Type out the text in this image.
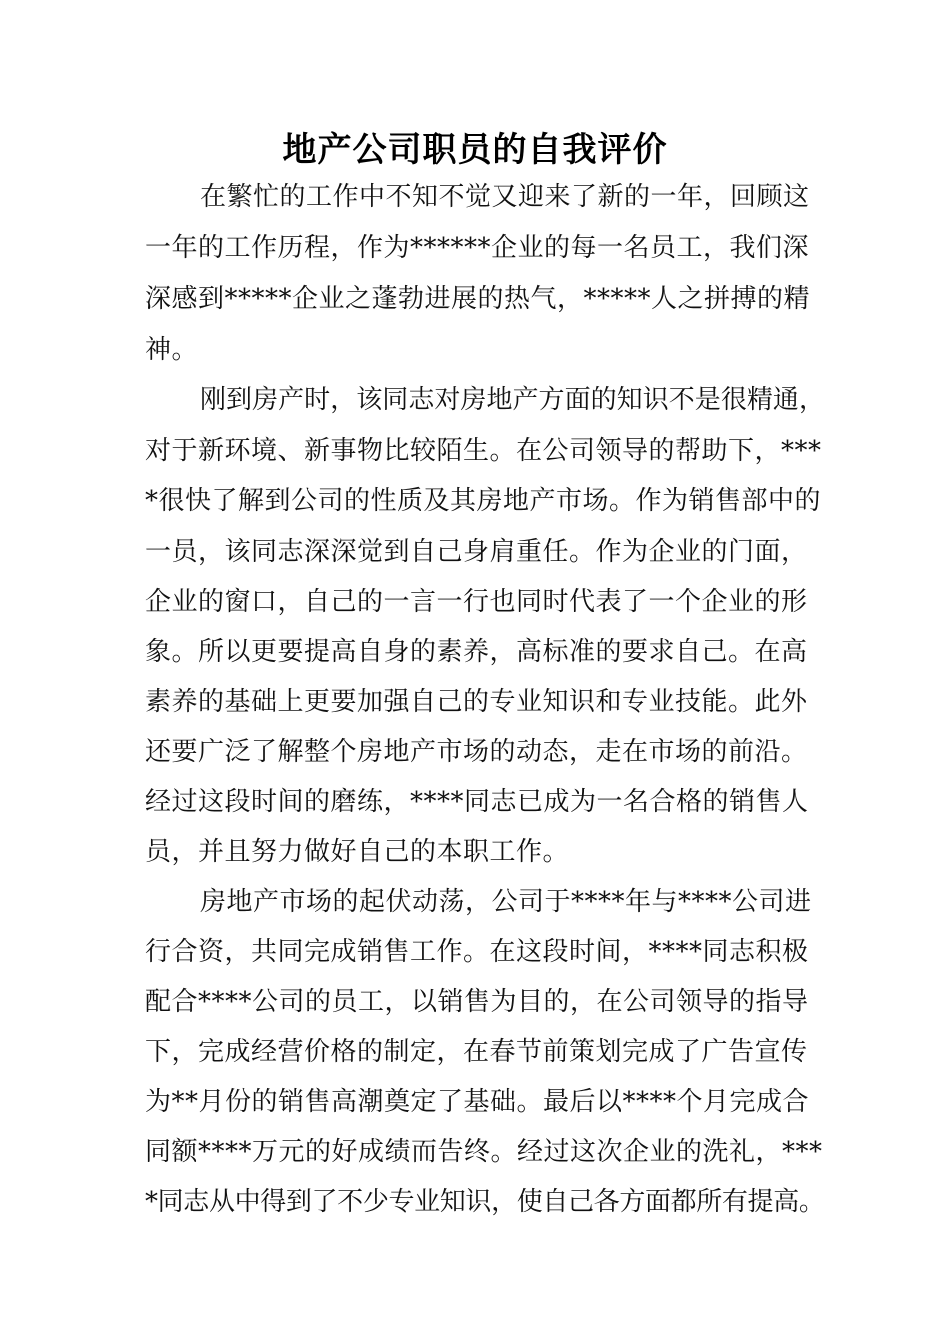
地产公司职员的自我评价
在繁忙的工作中不知不觉又迎来了新的一年，回顾这
一年的工作历程，作为******企业的每一名员工，我们深
深感到*****企业之蓬勃进展的热气，*****人之拼搏的精
神。
刚到房产时，该同志对房地产方面的知识不是很精通，
对于新环境、新事物比较陌生。在公司领导的帮助下，***
*很快了解到公司的性质及其房地产市场。作为销售部中的
一员，该同志深深觉到自己身肩重任。作为企业的门面，
企业的窗口，自己的一言一行也同时代表了一个企业的形
象。所以更要提高自身的素养，高标准的要求自己。在高
素养的基础上更要加强自己的专业知识和专业技能。此外
还要广泛了解整个房地产市场的动态，走在市场的前沿。
经过这段时间的磨练，****同志已成为一名合格的销售人
员，并且努力做好自己的本职工作。
房地产市场的起伏动荡，公司于****年与****公司进
行合资，共同完成销售工作。在这段时间，****同志积极
配合****公司的员工，以销售为目的，在公司领导的指导
下，完成经营价格的制定，在春节前策划完成了广告宣传
为**月份的销售高潮奠定了基础。最后以****个月完成合
同额****万元的好成绩而告终。经过这次企业的洗礼，***
*同志从中得到了不少专业知识，使自己各方面都所有提高。
